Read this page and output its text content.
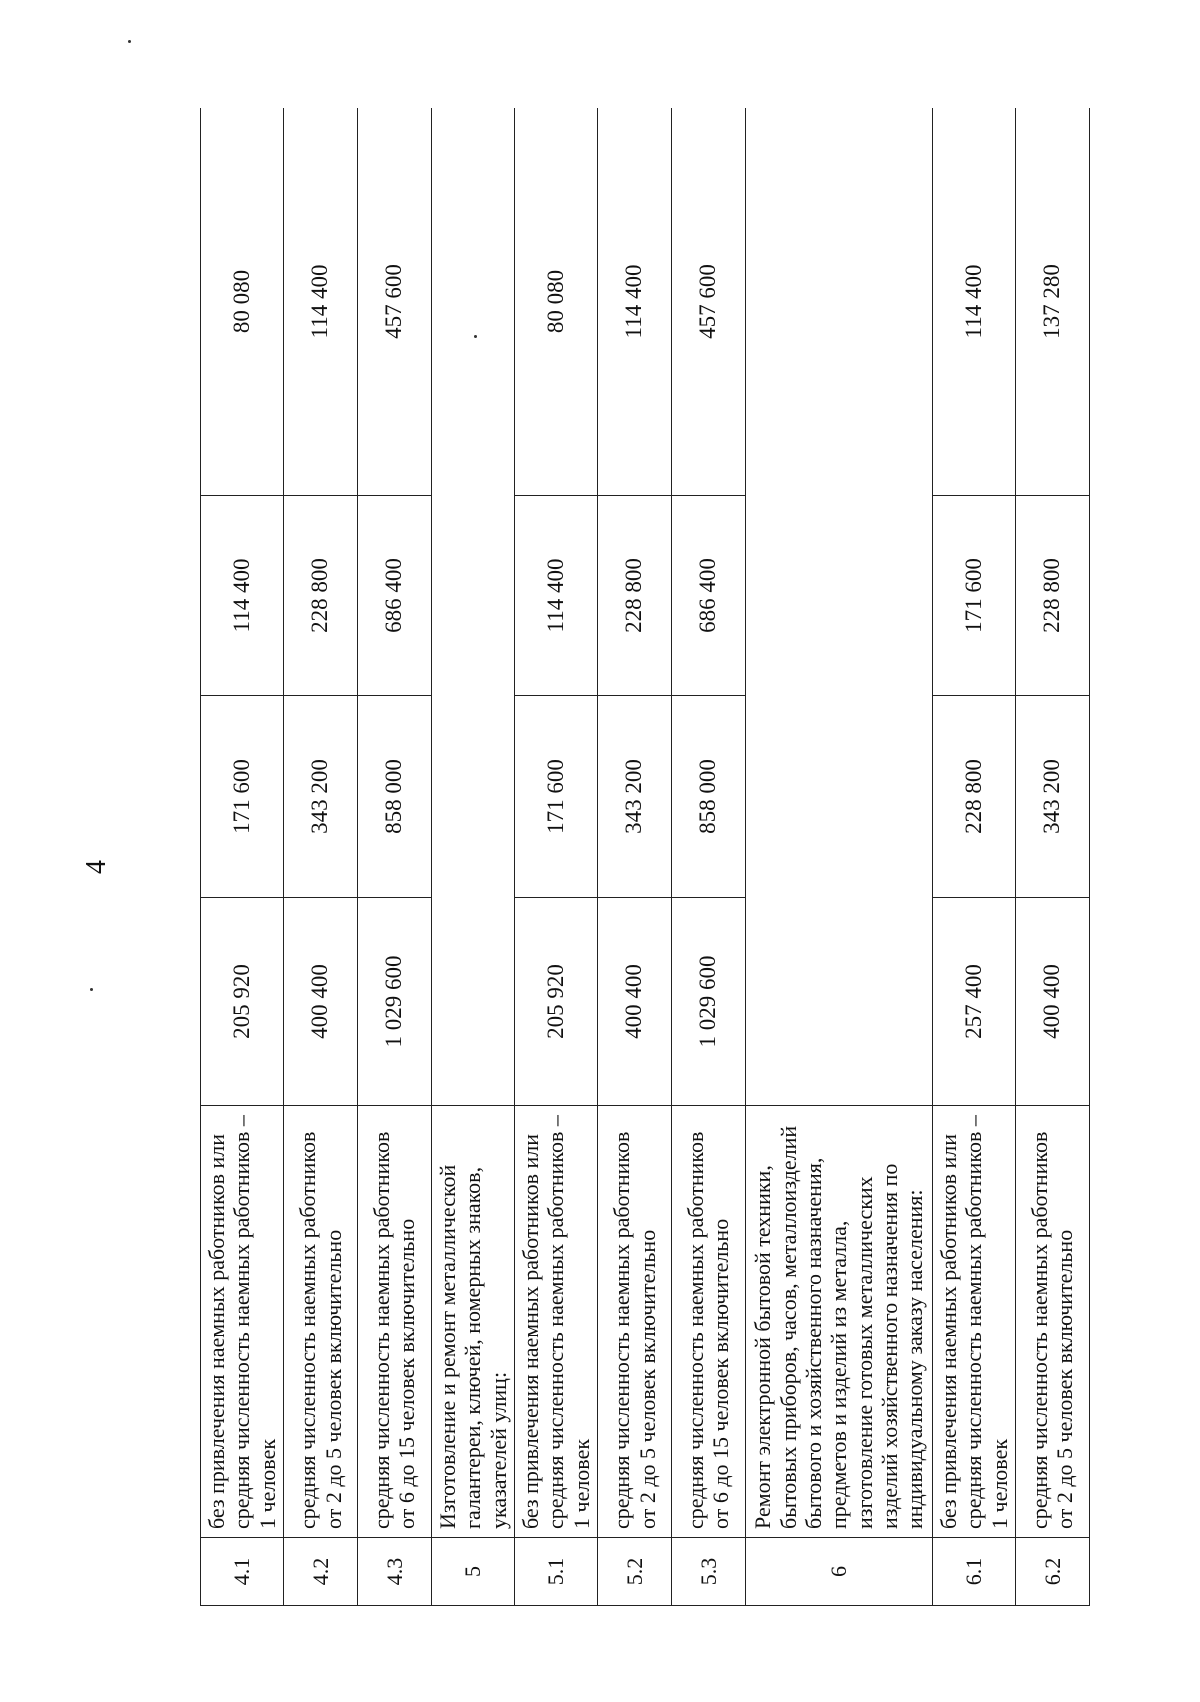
4
4.1	без привлечения наемных работников или средняя численность наемных работников – 1 человек	205 920	171 600	114 400	80 080
4.2	средняя численность наемных работников от 2 до 5 человек включительно	400 400	343 200	228 800	114 400
4.3	средняя численность наемных работников от 6 до 15 человек включительно	1 029 600	858 000	686 400	457 600
5	Изготовление и ремонт металлической галантереи, ключей, номерных знаков, указателей улиц:				
5.1	без привлечения наемных работников или средняя численность наемных работников – 1 человек	205 920	171 600	114 400	80 080
5.2	средняя численность наемных работников от 2 до 5 человек включительно	400 400	343 200	228 800	114 400
5.3	средняя численность наемных работников от 6 до 15 человек включительно	1 029 600	858 000	686 400	457 600
6	Ремонт электронной бытовой техники, бытовых приборов, часов, металлоизделий бытового и хозяйственного назначения, предметов и изделий из металла, изготовление готовых металлических изделий хозяйственного назначения по индивидуальному заказу населения:				
6.1	без привлечения наемных работников или средняя численность наемных работников – 1 человек	257 400	228 800	171 600	114 400
6.2	средняя численность наемных работников от 2 до 5 человек включительно	400 400	343 200	228 800	137 280
